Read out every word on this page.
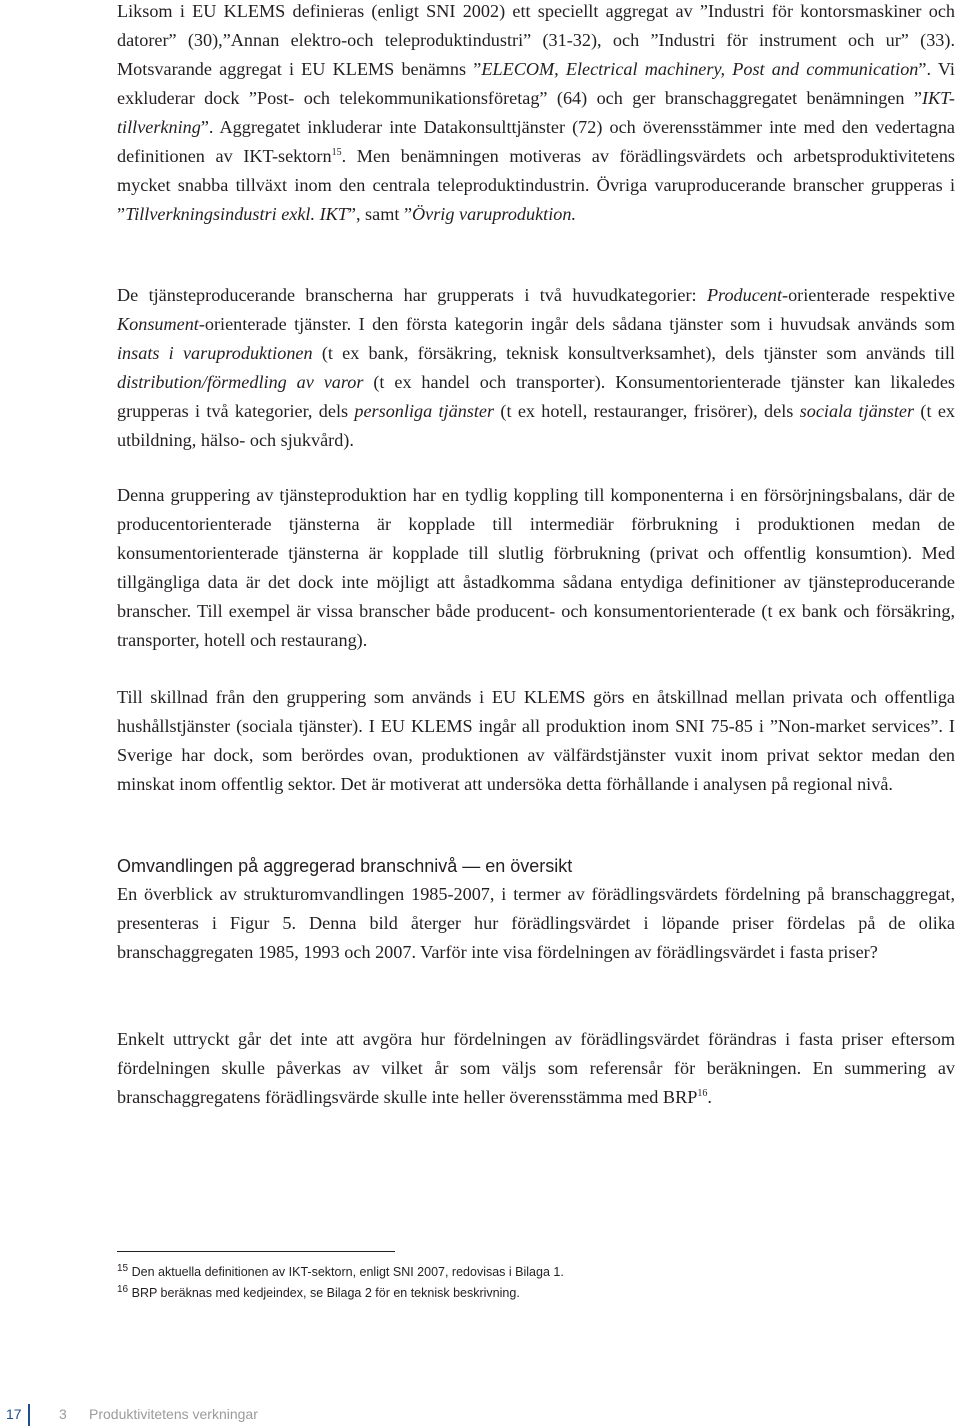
Liksom i EU KLEMS definieras (enligt SNI 2002) ett speciellt aggregat av ”Industri för kontorsmaskiner och datorer” (30),”Annan elektro-och teleproduktindustri” (31-32), och ”Industri för instrument och ur” (33). Motsvarande aggregat i EU KLEMS benämns ”ELECOM, Electrical machinery, Post and communication”. Vi exkluderar dock ”Post- och telekommunikationsföretag” (64) och ger branschaggregatet benämningen ”IKT-tillverkning”. Aggregatet inkluderar inte Datakonsulttjänster (72) och överensstämmer inte med den vedertagna definitionen av IKT-sektorn$^{15}$. Men benämningen motiveras av förädlingsvärdets och arbetsproduktivitetens mycket snabba tillväxt inom den centrala teleproduktindustrin. Övriga varuproducerande branscher grupperas i ”Tillverkningsindustri exkl. IKT”, samt ”Övrig varuproduktion.

De tjänsteproducerande branscherna har grupperats i två huvudkategorier: Producent-orienterade respektive Konsument-orienterade tjänster. I den första kategorin ingår dels sådana tjänster som i huvudsak används som insats i varuproduktionen (t ex bank, försäkring, teknisk konsultverksamhet), dels tjänster som används till distribution/förmedling av varor (t ex handel och transporter). Konsumentorienterade tjänster kan likaledes grupperas i två kategorier, dels personliga tjänster (t ex hotell, restauranger, frisörer), dels sociala tjänster (t ex utbildning, hälso- och sjukvård).

Denna gruppering av tjänsteproduktion har en tydlig koppling till komponenterna i en försörjningsbalans, där de producentorienterade tjänsterna är kopplade till intermediär förbrukning i produktionen medan de konsumentorienterade tjänsterna är kopplade till slutlig förbrukning (privat och offentlig konsumtion). Med tillgängliga data är det dock inte möjligt att åstadkomma sådana entydiga definitioner av tjänsteproducerande branscher. Till exempel är vissa branscher både producent- och konsumentorienterade (t ex bank och försäkring, transporter, hotell och restaurang).

Till skillnad från den gruppering som används i EU KLEMS görs en åtskillnad mellan privata och offentliga hushållstjänster (sociala tjänster). I EU KLEMS ingår all produktion inom SNI 75-85 i ”Non-market services”. I Sverige har dock, som berördes ovan, produktionen av välfärdstjänster vuxit inom privat sektor medan den minskat inom offentlig sektor. Det är motiverat att undersöka detta förhållande i analysen på regional nivå.

Omvandlingen på aggregerad branschnivå — en översikt

En överblick av strukturomvandlingen 1985-2007, i termer av förädlingsvärdets fördelning på branschaggregat, presenteras i Figur 5. Denna bild återger hur förädlingsvärdet i löpande priser fördelas på de olika branschaggregaten 1985, 1993 och 2007. Varför inte visa fördelningen av förädlingsvärdet i fasta priser?

Enkelt uttryckt går det inte att avgöra hur fördelningen av förädlingsvärdet förändras i fasta priser eftersom fördelningen skulle påverkas av vilket år som väljs som referensår för beräkningen. En summering av branschaggregatens förädlingsvärde skulle inte heller överensstämma med BRP$^{16}$.

$^{15}$ Den aktuella definitionen av IKT-sektorn, enligt SNI 2007, redovisas i Bilaga 1.
$^{16}$ BRP beräknas med kedjeindex, se Bilaga 2 för en teknisk beskrivning.
17	3 Produktivitetens verkningar
